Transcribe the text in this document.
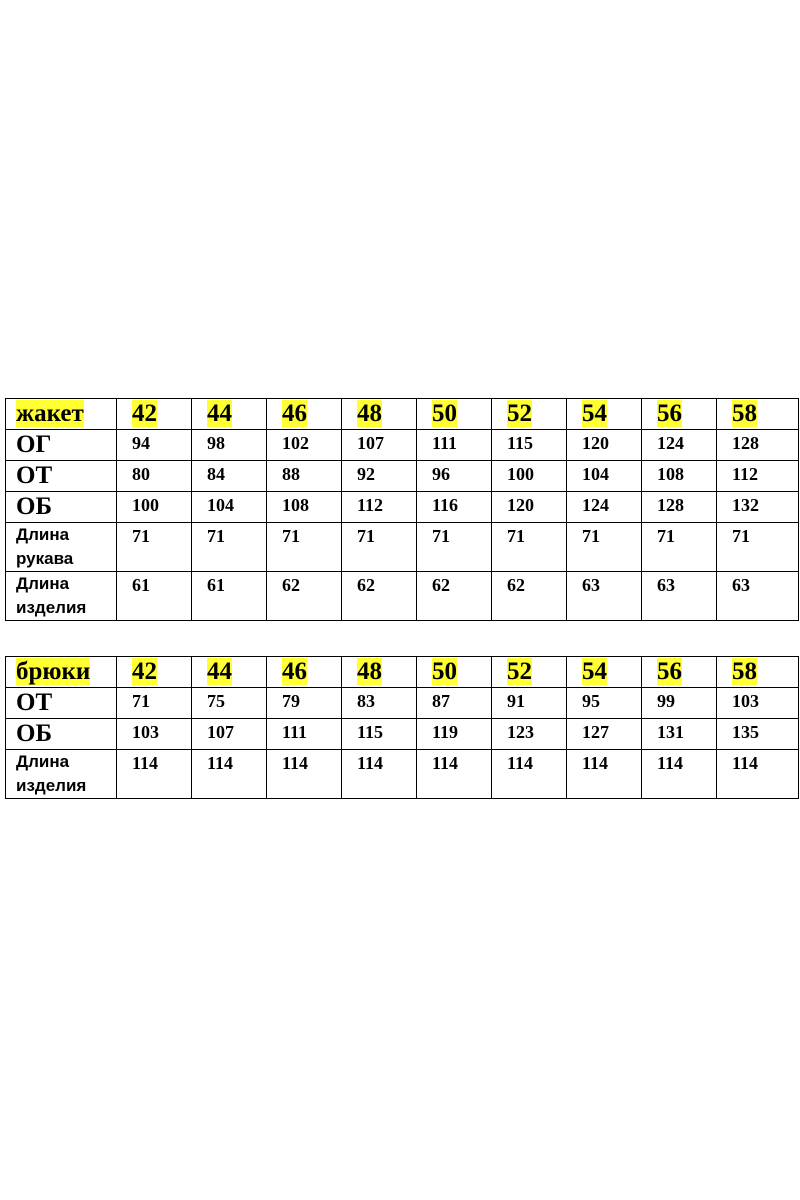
жакет	42	44	46	48	50	52	54	56	58

ОГ	94	98	102	107	111	115	120	124	128

ОТ	80	84	88	92	96	100	104	108	112

ОБ	100	104	108	112	116	120	124	128	132

Длина
рукава	71	71	71	71	71	71	71	71	71

Длина
изделия	61	61	62	62	62	62	63	63	63
брюки	42	44	46	48	50	52	54	56	58

ОТ	71	75	79	83	87	91	95	99	103

ОБ	103	107	111	115	119	123	127	131	135

Длина
изделия	114	114	114	114	114	114	114	114	114
